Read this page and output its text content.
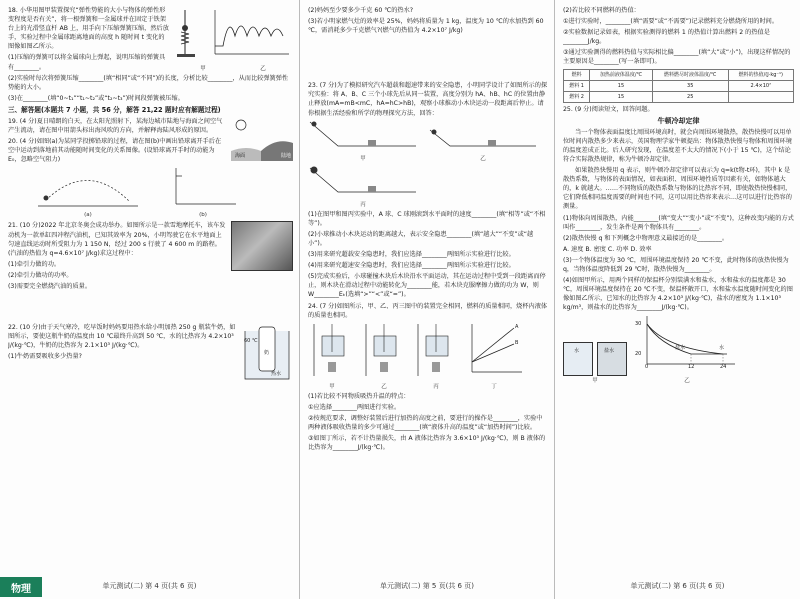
甲	乙
18. 小华用图甲装置探究“弹性势能的大小与物体的弹性形变程度是否有关”，将一根弹簧和一金属球并在固定于铁架台上的光滑竖直杆 AB 上，用手向下压缩弹簧压缩，然后放手，实验过程中金属球距离地面的高度 h 随时间 t 变化的图像如图乙所示。
(1)压缩的弹簧可以将金属球向上弹起，说明压缩的弹簧具有________。
(2)实验时每次将弹簧压缩________(填“相同”或“不同”)的长度，分析比较________，从而比较弹簧弹性势能的大小。
(3)在________(填“0~t₁”“t₁~t₂”或“t₂~t₃”)时间段弹簧被压缩。
三、解答题(本题共 7 小题，共 56 分，解答 21,22 题时应有解题过程)
海面	陆地
19. (4 分)夏日晴朗的白天，在太阳光照射下，某海边城市陆地与海面之间空气产生流动，请在图中用箭头标出海风吹的方向，并解释海陆风形成的原因。
20. (4 分)如图(a)为某同学投掷铅球的过程，请在图(b)中画出铅球离开手后在空中运动到落地前其动能随时间变化的关系图像。(设铅球离开手时的动能为 E₀，忽略空气阻力)
(a)	(b)
21. (10 分)2022 年北京冬奥会成功举办。如图所示是一款雪地摩托车，该车发动机为一款单缸四冲程汽油机，已知其效率为 20%，小明驾驶它在水平地面上匀速直线运动时所受阻力为 1 150 N，经过 200 s 行驶了 4 600 m 的路程。(汽油的热值为 q=4.6×10⁷ J/kg)求这过程中：
(1)牵引力做的功。
(2)牵引力做功的功率。
(3)需要完全燃烧汽油的质量。
60 ℃
奶
热水
22. (10 分)由于天气寒冷，吃早饭时妈妈要用热水给小明加热 250 g 瓶装牛奶，如图所示，要使这瓶牛奶的温度由 10 ℃最终升高到 50 ℃，水的比热容为 4.2×10³ J/(kg·℃)，牛奶的比热容为 2.1×10³ J/(kg·℃)。
(1)牛奶需要吸收多少热量?
物理	单元测试(二) 第 4 页(共 6 页)
(2)妈妈至少要多少千克 60 ℃的热水?
(3)若小明家燃气灶的效率是 25%，妈妈将质量为 1 kg，温度为 10 ℃的水加热到 60 ℃，需消耗多少千克燃气?(燃气的热值为 4.2×10⁷ J/kg)
23. (7 分)为了模拟研究汽车超载和超速带来的安全隐患，小明同学设计了如图所示的探究实验：将 A、B、C 三个小球先后从同一装置，高度分别为 hA、hB、hC 的位置由静止释放(mA=mB<mC，hA=hC>hB)，观察小球推动小木块运动一段距离后停止。请你根据生活经验和所学的物理探究方法，回答：
甲	乙
丙
(1)在图甲和图丙实验中，A 球、C 球刚滚到水平面时的速度________(填“相等”或“不相等”)。
(2)小球推动小木块运动的距离越大，表示安全隐患________(填“越大”“不变”或“越小”)。
(3)用来研究超载安全隐患时，我们应选择________两图所示实验进行比较。
(4)用来研究超速安全隐患时，我们应选择________两图所示实验进行比较。
(5)完成实验后，小球碰撞木块后木块沿水平面运动，其在运动过程中受到一段距离而停止，则木块在滑动过程中动能转化为________能，若木块克服摩擦力做的功为 W，则 W________Eₖ(选填“>”“<”或“=”)。
24. (7 分)如图所示，甲、乙、丙三图中的装置完全相同，燃料的质量相同，烧杯内液体的质量也相同。
甲	乙	丙
A
B
丁
(1)若比较不同物质吸热升温的特点：
①应选择________两图进行实验。
②按规范要求，调整好装置后进行加热的高度之前，要进行的操作是________，实验中两种液体吸收热量的多少可通过________(填“液体升高的温度”或“加热时间”)比较。
③如图丁所示，若不计热量损失，由 A 液体比热容为 3.6×10³ J/(kg·℃)，则 B 液体的比热容为________J/(kg·℃)。
单元测试(二) 第 5 页(共 6 页)
(2)若比较不同燃料的热值：
①进行实验时，________(填“需要”或“不需要”)记录燃料充分燃烧所用的时间。
②实验数据记录如表，根据实验测得的燃料 1 的热值计算出燃料 2 的热值是________J/kg。
③通过实验测得的燃料热值与实际相比偏________(填“大”或“小”)，出现这样情况的主要原因是________(写一条即可)。
燃料	加热前液体温度/℃	燃料燃尽时液体温度/℃	燃料的热值/(J·kg⁻¹)
燃料 1	15	35	2.4×10⁷
燃料 2	15	25	
25. (9 分)阅读短文，回答问题。
牛顿冷却定律
当一个物体表面温度比周围环境高时，就会向周围环境散热，散热快慢可以用单位时间内散热多少来表示，英国物理学家牛顿提出：物体散热快慢与物体和周围环境的温度差成正比。后人研究发现，在温度差不太大的情况下(小于 15 ℃)，这个结论符合实际散热规律，称为牛顿冷却定律。
如果散热快慢用 q 表示，则牛顿冷却定律可以表示为 q=k(t物-t环)，其中 k 是散热系数，与物体的表面情况，如表面积、周围环境性质等因素有关，如物体越大的，k 就越大。……不同物质的散热系数与物体的比热容不同，即使散热快慢相同，它们降低相同温度需要的时间也不同，这可以用比热容来表示…这可以进行比热容的测量。
(1)物体向周围散热，内能________(填“变大”“变小”或“不变”)，这种改变内能的方式叫作________，发生条件是两个物体具有________。
(2)散热快慢 q 和下列概念中物理意义最接近的是________。
A. 速度 B. 密度 C. 功率 D. 效率
(3)一个物体温度为 30 ℃，周围环境温度保持 20 ℃不变，此时物体的放热快慢为 q，当物体温度降低到 29 ℃时，散热快慢为________。
(4)如图甲所示，用两个同样的保温杯分别装满水和盐水，水和盐水的温度都是 30 ℃，周围环境温度保持在 20 ℃不变，保温杯敞开口，水和盐水温度随时间变化的图像如图乙所示，已知水的比热容为 4.2×10³ J/(kg·℃)，盐水的密度为 1.1×10³ kg/m³，则盐水的比热容为________J/(kg·℃)。
水	盐水
甲
30
20
水
盐水
0	12	24
乙
单元测试(二) 第 6 页(共 6 页)
